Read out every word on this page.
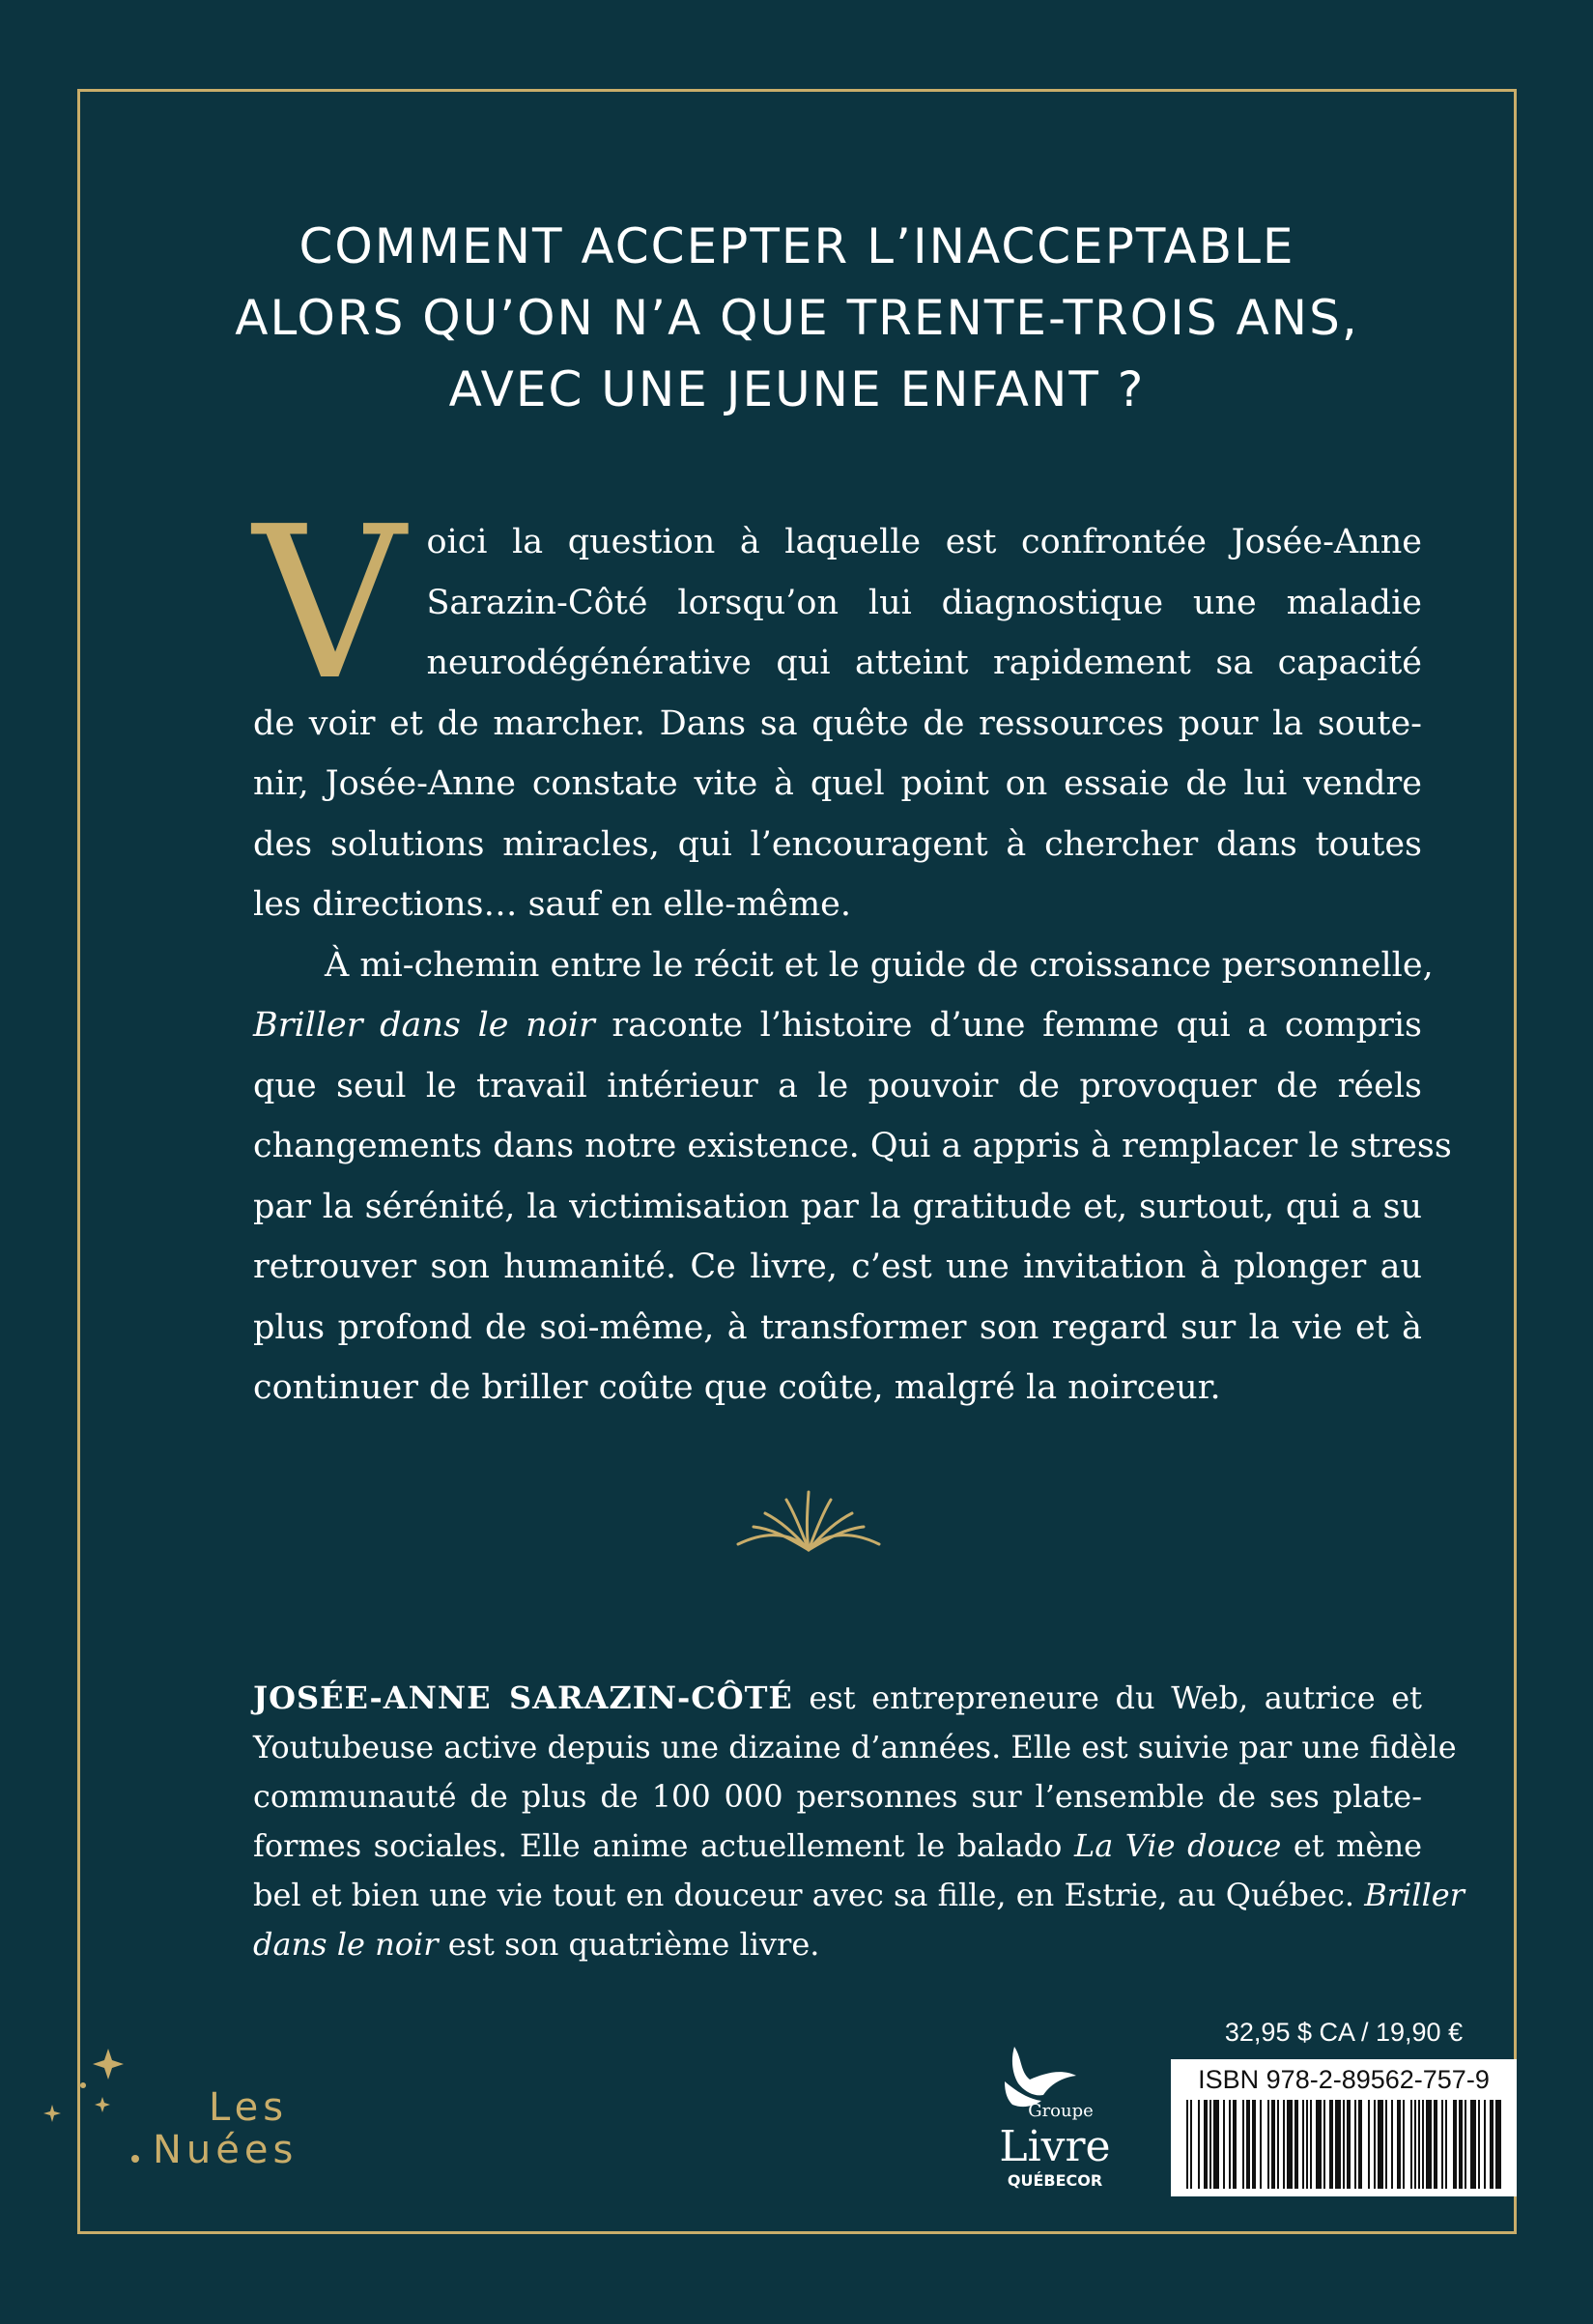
COMMENT ACCEPTER L’INACCEPTABLE
ALORS QU’ON N’A QUE TRENTE-TROIS ANS,
AVEC UNE JEUNE ENFANT ?
V oici la question à laquelle est confrontée Josée-Anne
Sarazin-Côté lorsqu’on lui diagnostique une maladie
neurodégénérative qui atteint rapidement sa capacité
de voir et de marcher. Dans sa quête de ressources pour la soute-
nir, Josée-Anne constate vite à quel point on essaie de lui vendre
des solutions miracles, qui l’encouragent à chercher dans toutes
les directions… sauf en elle-même.
À mi-chemin entre le récit et le guide de croissance personnelle,
Briller dans le noir raconte l’histoire d’une femme qui a compris
que seul le travail intérieur a le pouvoir de provoquer de réels
changements dans notre existence. Qui a appris à remplacer le stress
par la sérénité, la victimisation par la gratitude et, surtout, qui a su
retrouver son humanité. Ce livre, c’est une invitation à plonger au
plus profond de soi-même, à transformer son regard sur la vie et à
continuer de briller coûte que coûte, malgré la noirceur.
JOSÉE-ANNE SARAZIN-CÔTÉ est entrepreneure du Web, autrice et
Youtubeuse active depuis une dizaine d’années. Elle est suivie par une fidèle
communauté de plus de 100 000 personnes sur l’ensemble de ses plate-
formes sociales. Elle anime actuellement le balado La Vie douce et mène
bel et bien une vie tout en douceur avec sa fille, en Estrie, au Québec. Briller
dans le noir est son quatrième livre.
Les
Nuées
Groupe
Livre
QUÉBECOR
32,95 $ CA / 19,90 €
ISBN 978-2-89562-757-9
